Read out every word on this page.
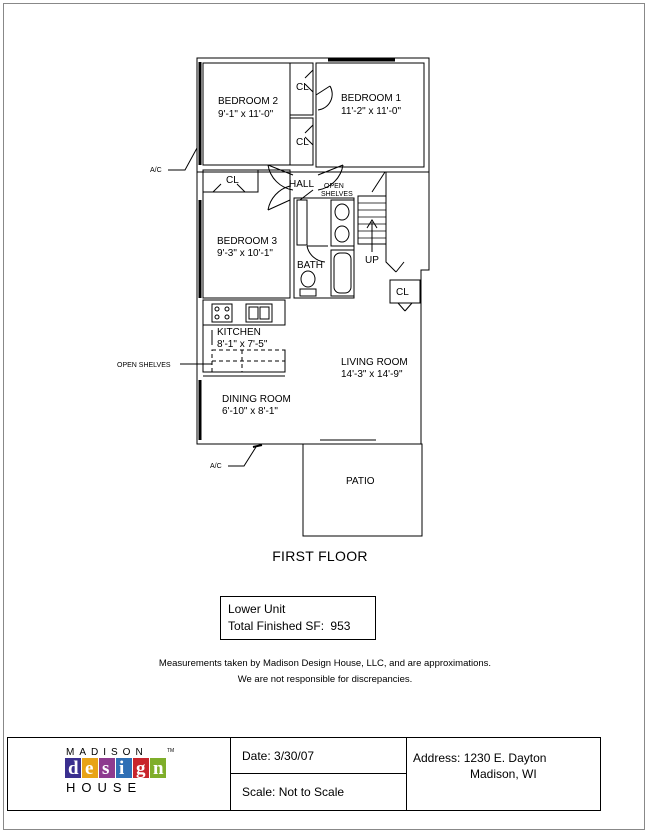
BEDROOM 2
9'-1" x 11'-0"
BEDROOM 1
11'-2" x 11'-0"
CL
CL
CL	HALL OPEN
SHELVES
BEDROOM 3
9'-3" x 10'-1"
BATH	UP
CL
KITCHEN
8'-1" x 7'-5"
OPEN SHELVES	LIVING ROOM
14'-3" x 14'-9"
DINING ROOM
6'-10" x 8'-1"
PATIO
A/C
A/C
FIRST FLOOR
Lower Unit
Total Finished SF: 953
Measurements taken by Madison Design House, LLC, and are approximations.
We are not responsible for discrepancies.
TM
MADISON
d e s i g n
HOUSE
Date: 3/30/07
Scale: Not to Scale
Address: 1230 E. Dayton
Madison, WI
